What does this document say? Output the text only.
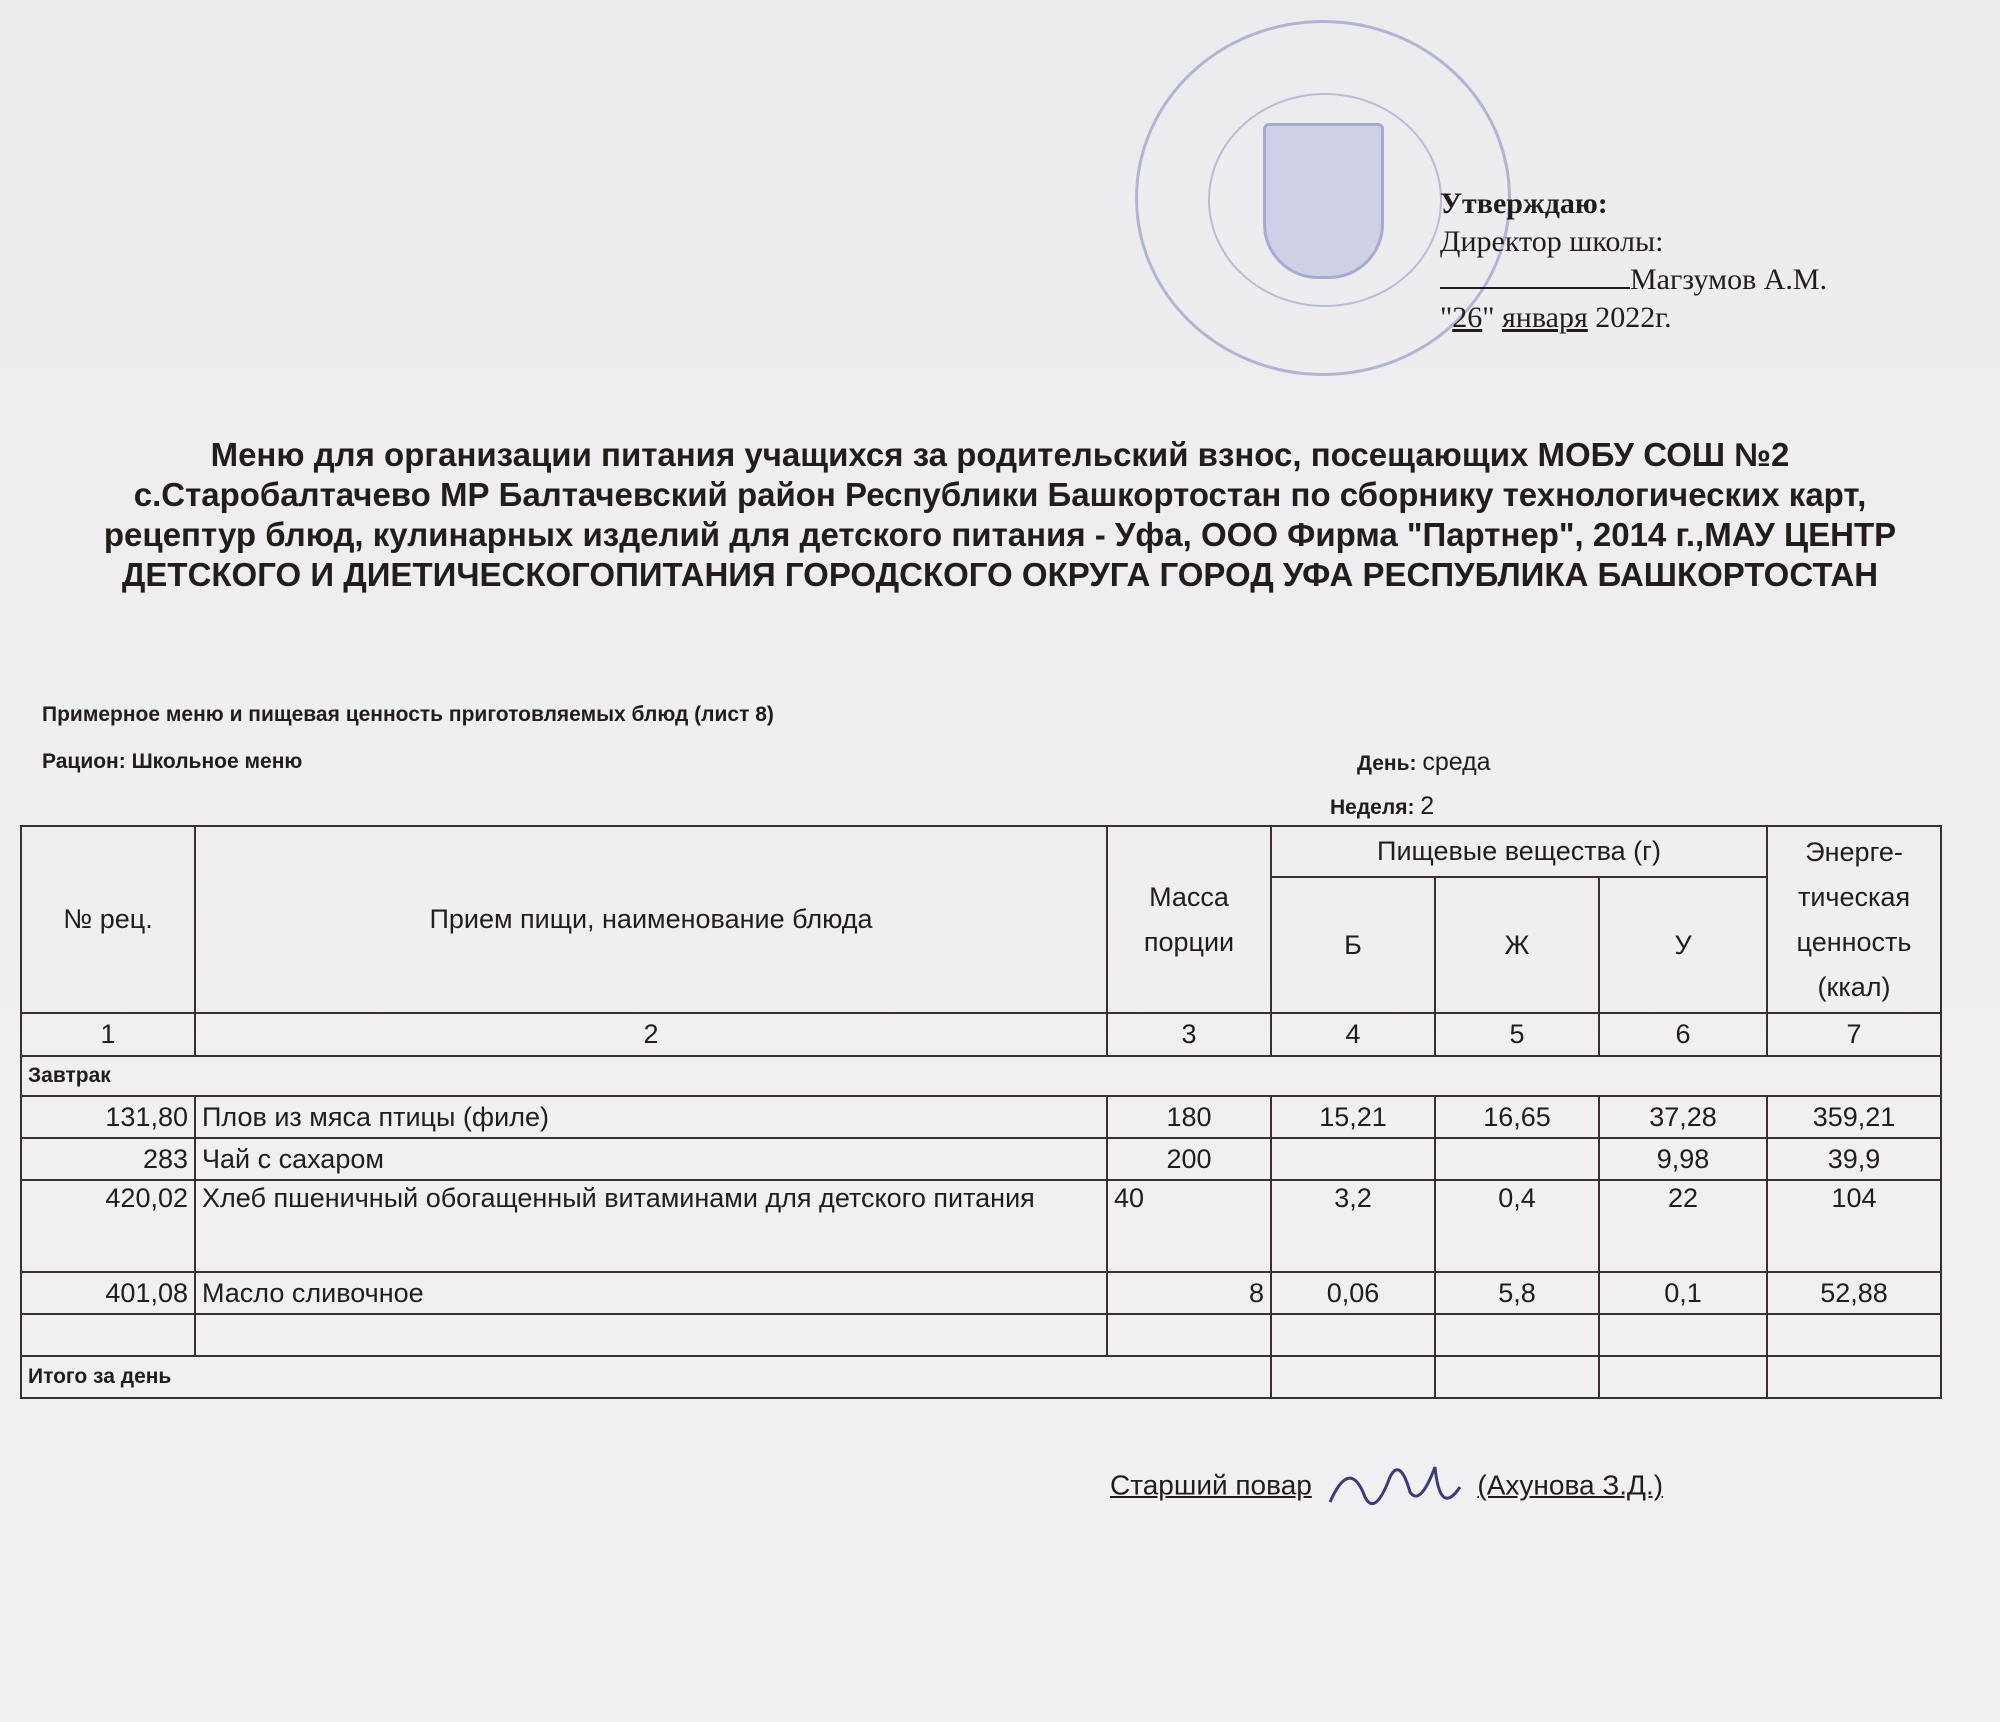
Утверждаю:
Директор школы:
Магзумов А.М.
"26" января 2022г.
Меню для организации питания учащихся за родительский взнос, посещающих МОБУ СОШ №2 с.Старобалтачево МР Балтачевский район Республики Башкортостан по сборнику технологических карт, рецептур блюд, кулинарных изделий для детского питания - Уфа, ООО Фирма "Партнер", 2014 г.,МАУ ЦЕНТР ДЕТСКОГО И ДИЕТИЧЕСКОГОПИТАНИЯ ГОРОДСКОГО ОКРУГА ГОРОД УФА РЕСПУБЛИКА БАШКОРТОСТАН
Примерное меню и пищевая ценность приготовляемых блюд (лист 8)
Рацион: Школьное меню	День: среда
Неделя: 2
№ рец.	Прием пищи, наименование блюда	Масса порции	Пищевые вещества (г)			Энерге-тическая ценность (ккал)
			Б	Ж	У	
1	2	3	4	5	6	7
Завтрак						
131,80	Плов из мяса птицы (филе)	180	15,21	16,65	37,28	359,21
283	Чай с сахаром	200			9,98	39,9
420,02	Хлеб пшеничный обогащенный витаминами для детского питания	40	3,2	0,4	22	104
401,08	Масло сливочное	8	0,06	5,8	0,1	52,88

Итого за день						
Старший повар	(Ахунова З.Д.)
